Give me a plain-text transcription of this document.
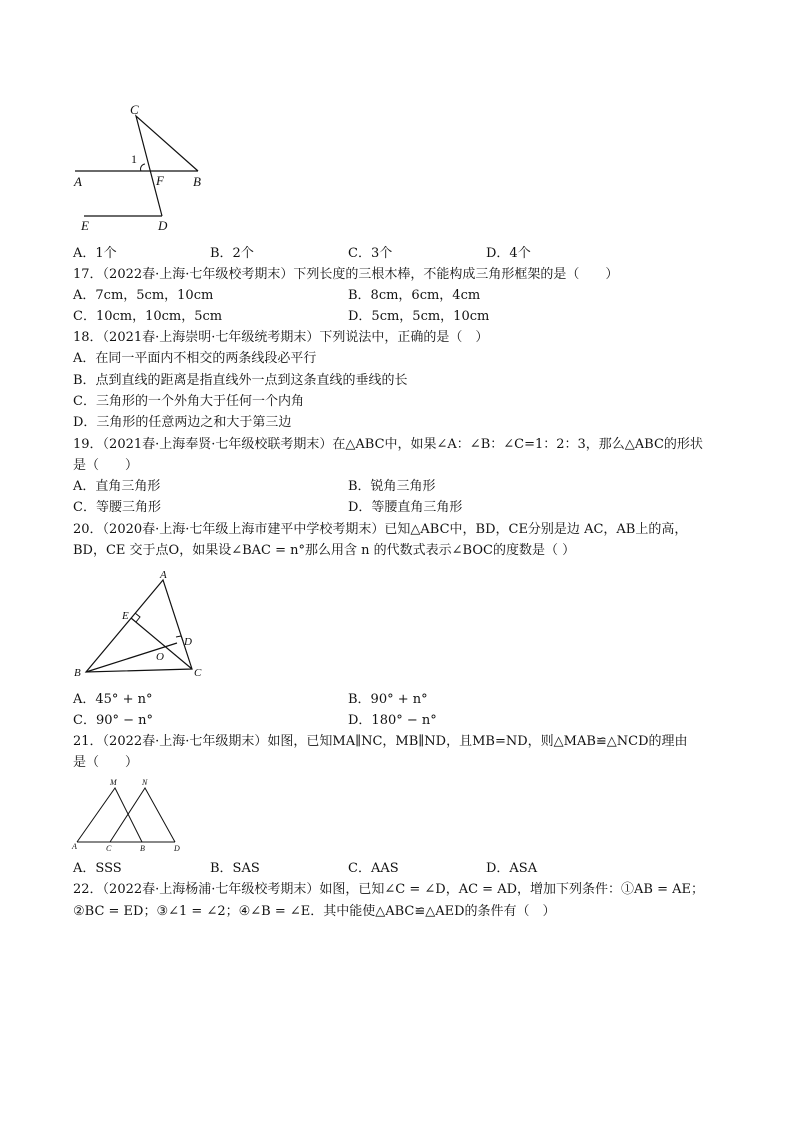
C
1
A	F B
E	D
A．1个	B．2个	C．3个	D．4个
17．（2022春·上海·七年级校考期末）下列长度的三根木棒，不能构成三角形框架的是（　　）
A．7cm，5cm，10cm	B．8cm，6cm，4cm
C．10cm，10cm，5cm	D．5cm，5cm，10cm
18．（2021春·上海崇明·七年级统考期末）下列说法中，正确的是（　）
A．在同一平面内不相交的两条线段必平行
B．点到直线的距离是指直线外一点到这条直线的垂线的长
C．三角形的一个外角大于任何一个内角
D．三角形的任意两边之和大于第三边
19．（2021春·上海奉贤·七年级校联考期末）在△ABC中，如果∠A：∠B：∠C=1：2：3，那么△ABC的形状
是（　　）
A．直角三角形	B．锐角三角形
C．等腰三角形	D．等腰直角三角形
20．（2020春·上海·七年级上海市建平中学校考期末）已知△ABC中，BD，CE分别是边 AC，AB上的高，
BD，CE 交于点O，如果设∠BAC = n°那么用含 n 的代数式表示∠BOC的度数是（ ）
A
E
D
O
B	C
A．45° + n°	B．90° + n°
C．90° − n°	D．180° − n°
21．（2022春·上海·七年级期末）如图，已知MA∥NC，MB∥ND，且MB=ND，则△MAB≌△NCD的理由
是（　　）
M	N
A	C	B	D
A．SSS	B．SAS	C．AAS	D．ASA
22．（2022春·上海杨浦·七年级校考期末）如图，已知∠C = ∠D，AC = AD，增加下列条件：①AB = AE；
②BC = ED；③∠1 = ∠2；④∠B = ∠E．其中能使△ABC≌△AED的条件有（　）
